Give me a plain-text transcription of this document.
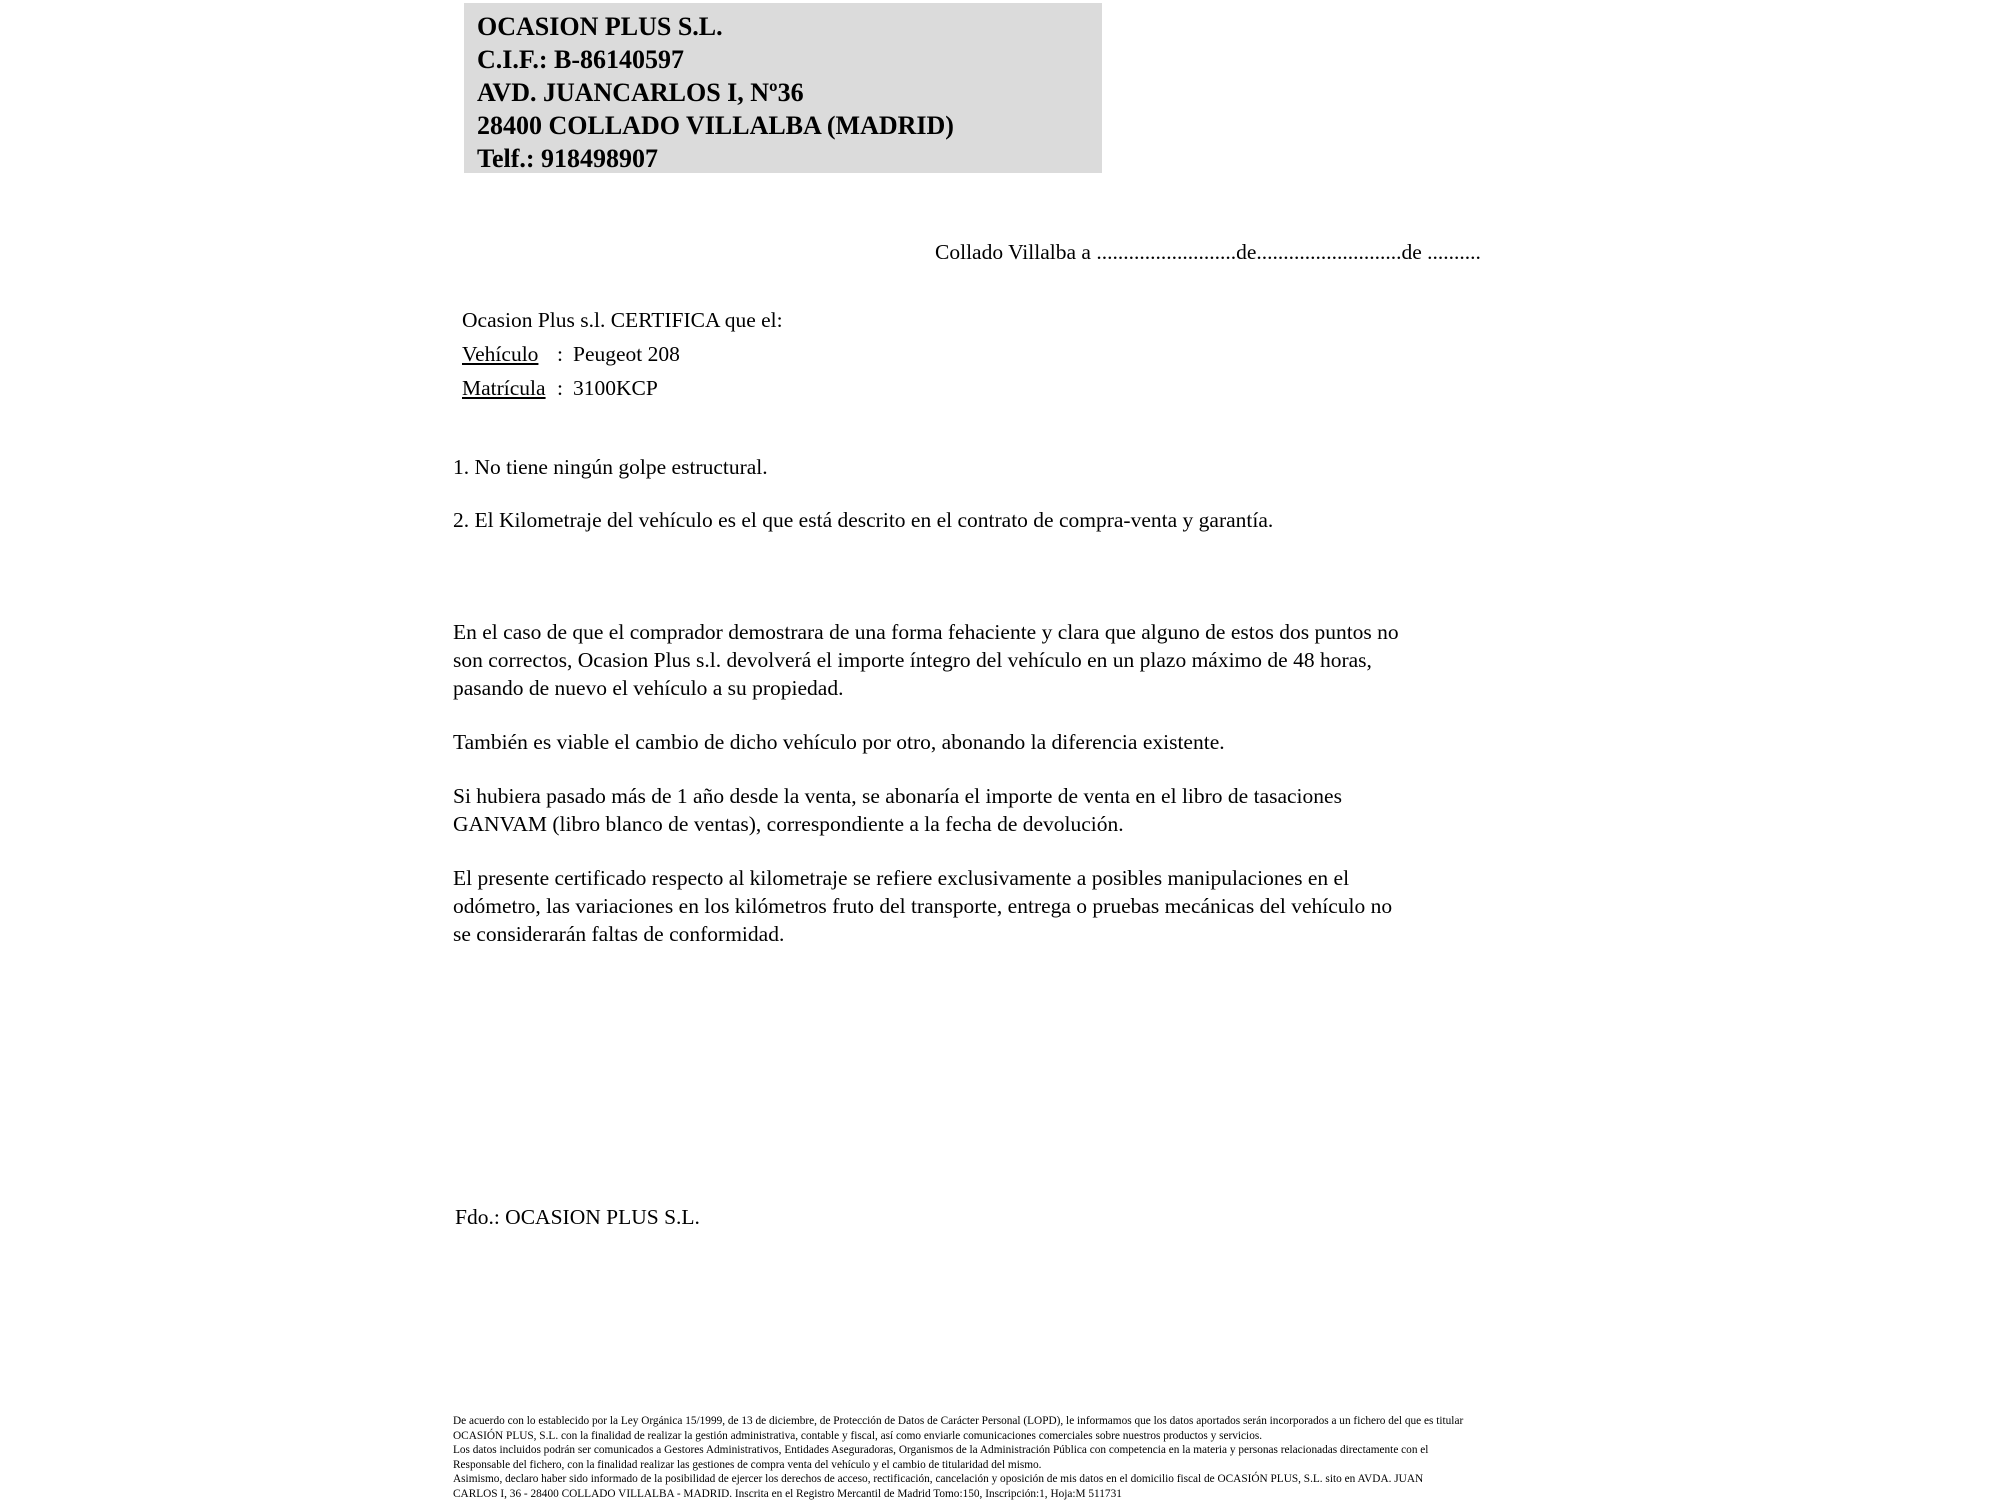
OCASION PLUS S.L.
C.I.F.: B-86140597
AVD. JUANCARLOS I, Nº36
28400 COLLADO VILLALBA (MADRID)
Telf.: 918498907
Collado Villalba a ..........................de...........................de ..........
Ocasion Plus s.l. CERTIFICA que el:
Vehículo : Peugeot 208
Matrícula : 3100KCP
1. No tiene ningún golpe estructural.
2. El Kilometraje del vehículo es el que está descrito en el contrato de compra-venta y garantía.
En el caso de que el comprador demostrara de una forma fehaciente y clara que alguno de estos dos puntos no
son correctos, Ocasion Plus s.l. devolverá el importe íntegro del vehículo en un plazo máximo de 48 horas,
pasando de nuevo el vehículo a su propiedad.
También es viable el cambio de dicho vehículo por otro, abonando la diferencia existente.
Si hubiera pasado más de 1 año desde la venta, se abonaría el importe de venta en el libro de tasaciones
GANVAM (libro blanco de ventas), correspondiente a la fecha de devolución.
El presente certificado respecto al kilometraje se refiere exclusivamente a posibles manipulaciones en el
odómetro, las variaciones en los kilómetros fruto del transporte, entrega o pruebas mecánicas del vehículo no
se considerarán faltas de conformidad.
Fdo.: OCASION PLUS S.L.
De acuerdo con lo establecido por la Ley Orgánica 15/1999, de 13 de diciembre, de Protección de Datos de Carácter Personal (LOPD), le informamos que los datos aportados serán incorporados a un fichero del que es titular
OCASIÓN PLUS, S.L. con la finalidad de realizar la gestión administrativa, contable y fiscal, así como enviarle comunicaciones comerciales sobre nuestros productos y servicios.
Los datos incluidos podrán ser comunicados a Gestores Administrativos, Entidades Aseguradoras, Organismos de la Administración Pública con competencia en la materia y personas relacionadas directamente con el
Responsable del fichero, con la finalidad realizar las gestiones de compra venta del vehículo y el cambio de titularidad del mismo.
Asimismo, declaro haber sido informado de la posibilidad de ejercer los derechos de acceso, rectificación, cancelación y oposición de mis datos en el domicilio fiscal de OCASIÓN PLUS, S.L. sito en AVDA. JUAN
CARLOS I, 36 - 28400 COLLADO VILLALBA - MADRID. Inscrita en el Registro Mercantil de Madrid Tomo:150, Inscripción:1, Hoja:M 511731
